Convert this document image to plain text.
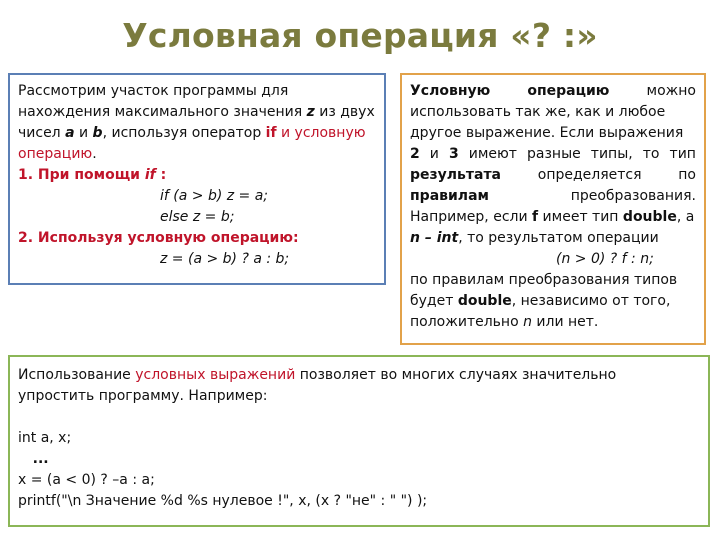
Условная операция «? :»
Рассмотрим участок программы для
нахождения максимального значения z из двух
чисел a и b, используя оператор if и условную
операцию.
1. При помощи if :
if (a > b) z = a;
else z = b;
2. Используя условную операцию:
z = (a > b) ? a : b;
Условную	операцию	можно
использовать так же, как и любое
другое выражение. Если выражения
2 и 3 имеют разные типы, то тип
результата	определяется	по
правилам	преобразования.
Например, если f имеет тип double, а
n – int, то результатом операции
(n > 0) ? f : n;
по правилам преобразования типов
будет double, независимо от того,
положительно n или нет.
Использование условных выражений позволяет во многих случаях значительно
упростить программу. Например:
int a, x;
...
x = (a < 0) ? –a : a;
printf("\n Значение %d %s нулевое !", x, (x ? "не" : " ") );
